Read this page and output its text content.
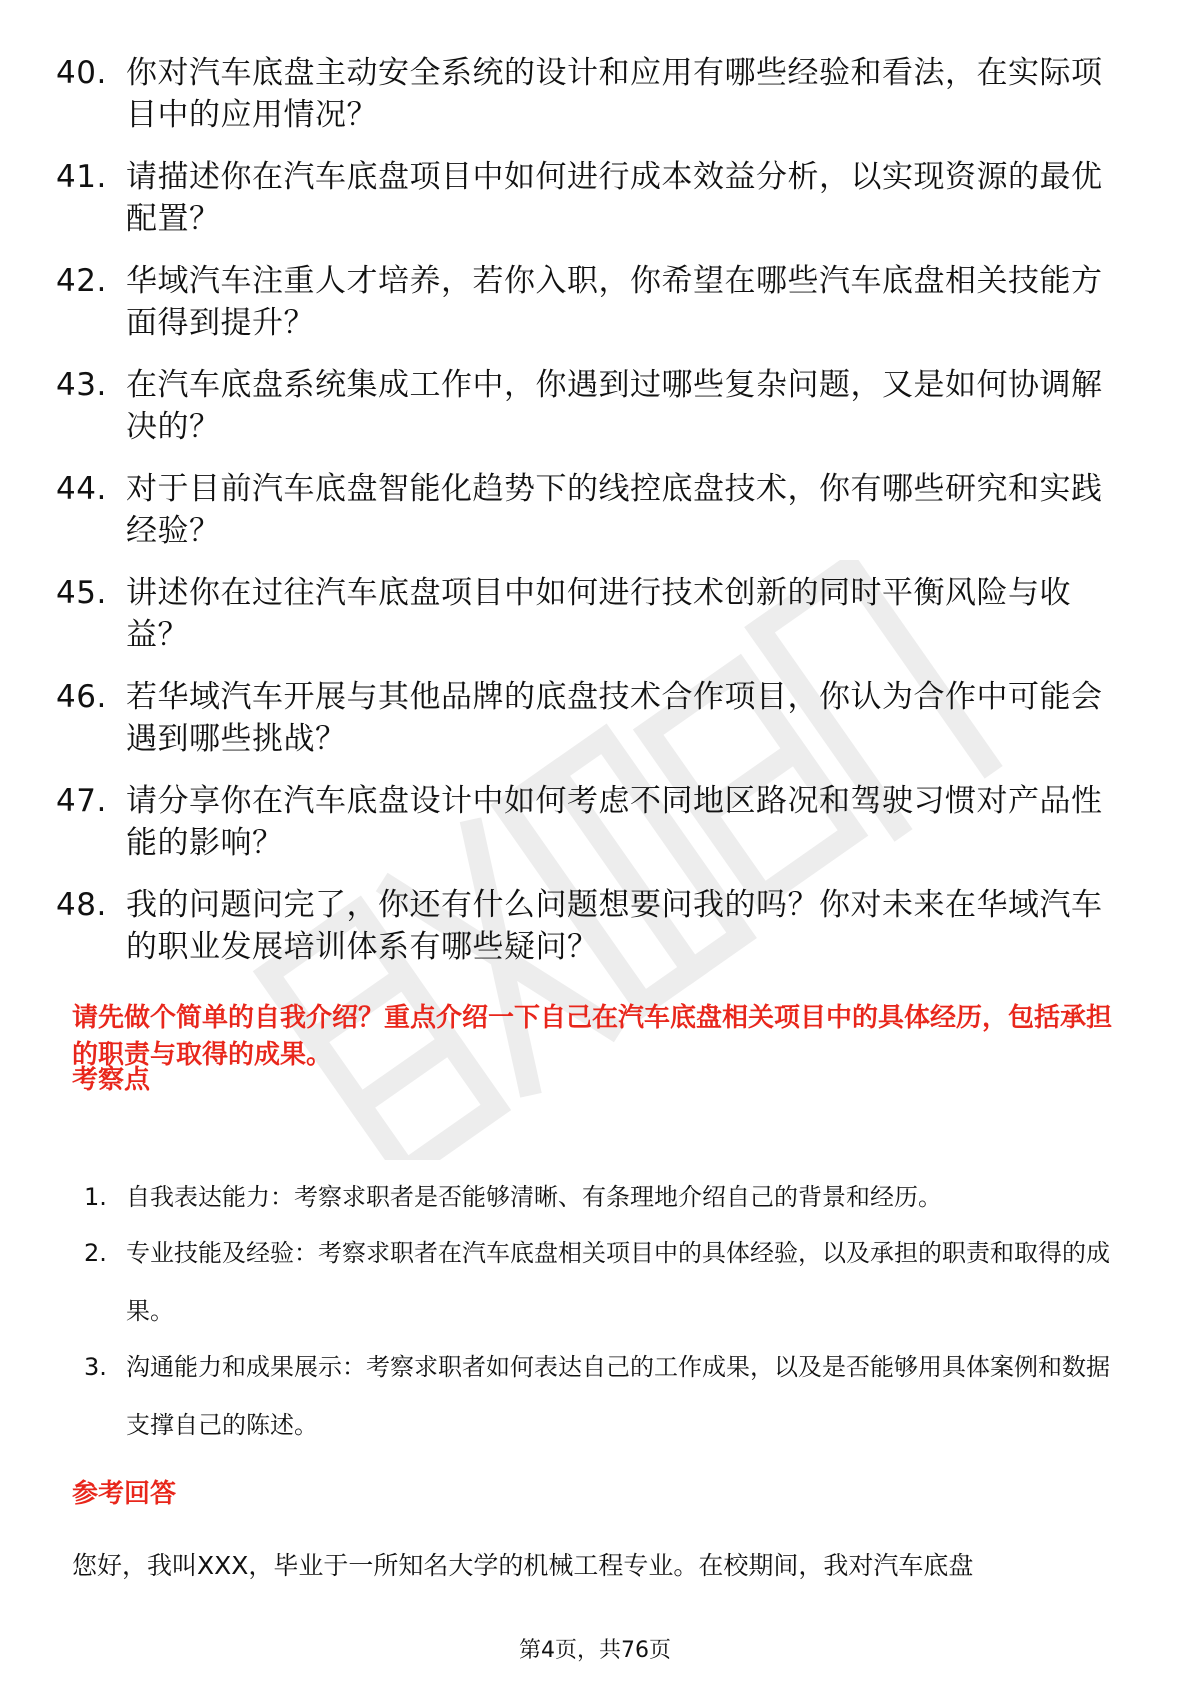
40. 你对汽车底盘主动安全系统的设计和应用有哪些经验和看法，在实际项目中的应用情况？
41. 请描述你在汽车底盘项目中如何进行成本效益分析，以实现资源的最优配置？
42. 华域汽车注重人才培养，若你入职，你希望在哪些汽车底盘相关技能方面得到提升？
43. 在汽车底盘系统集成工作中，你遇到过哪些复杂问题，又是如何协调解决的？
44. 对于目前汽车底盘智能化趋势下的线控底盘技术，你有哪些研究和实践经验？
45. 讲述你在过往汽车底盘项目中如何进行技术创新的同时平衡风险与收益？
46. 若华域汽车开展与其他品牌的底盘技术合作项目，你认为合作中可能会遇到哪些挑战？
47. 请分享你在汽车底盘设计中如何考虑不同地区路况和驾驶习惯对产品性能的影响？
48. 我的问题问完了，你还有什么问题想要问我的吗？你对未来在华域汽车的职业发展培训体系有哪些疑问？

请先做个简单的自我介绍？重点介绍一下自己在汽车底盘相关项目中的具体经历，包括承担的职责与取得的成果。

考察点
1. 自我表达能力：考察求职者是否能够清晰、有条理地介绍自己的背景和经历。
2. 专业技能及经验：考察求职者在汽车底盘相关项目中的具体经验，以及承担的职责和取得的成果。
3. 沟通能力和成果展示：考察求职者如何表达自己的工作成果，以及是否能够用具体案例和数据支撑自己的陈述。
参考回答

您好，我叫XXX，毕业于一所知名大学的机械工程专业。在校期间，我对汽车底盘

第4页，共76页
